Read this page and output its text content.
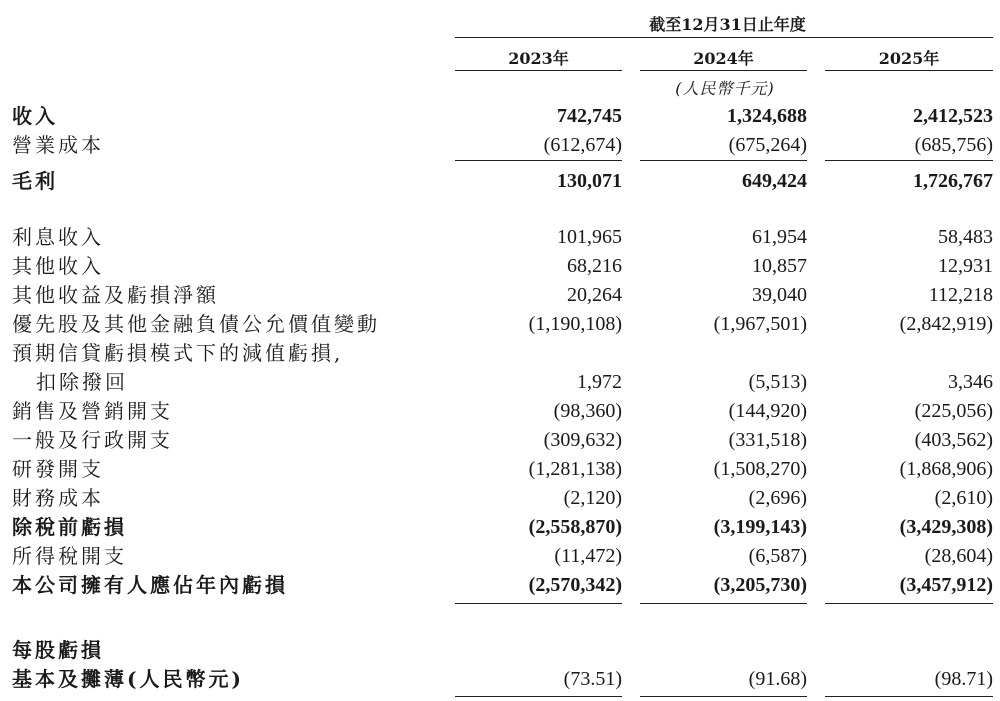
截至12月31日止年度
2023年	2024年	2025年
(人民幣千元)
收入	742,745	1,324,688	2,412,523
營業成本	(612,674)	(675,264)	(685,756)
毛利	130,071	649,424	1,726,767
利息收入	101,965	61,954	58,483
其他收入	68,216	10,857	12,931
其他收益及虧損淨額	20,264	39,040	112,218
優先股及其他金融負債公允價值變動	(1,190,108)	(1,967,501)	(2,842,919)
預期信貸虧損模式下的減值虧損,
扣除撥回	1,972	(5,513)	3,346
銷售及營銷開支	(98,360)	(144,920)	(225,056)
一般及行政開支	(309,632)	(331,518)	(403,562)
研發開支	(1,281,138)	(1,508,270)	(1,868,906)
財務成本	(2,120)	(2,696)	(2,610)
除稅前虧損	(2,558,870)	(3,199,143)	(3,429,308)
所得稅開支	(11,472)	(6,587)	(28,604)
本公司擁有人應佔年內虧損	(2,570,342)	(3,205,730)	(3,457,912)
每股虧損
基本及攤薄(人民幣元)	(73.51)	(91.68)	(98.71)
